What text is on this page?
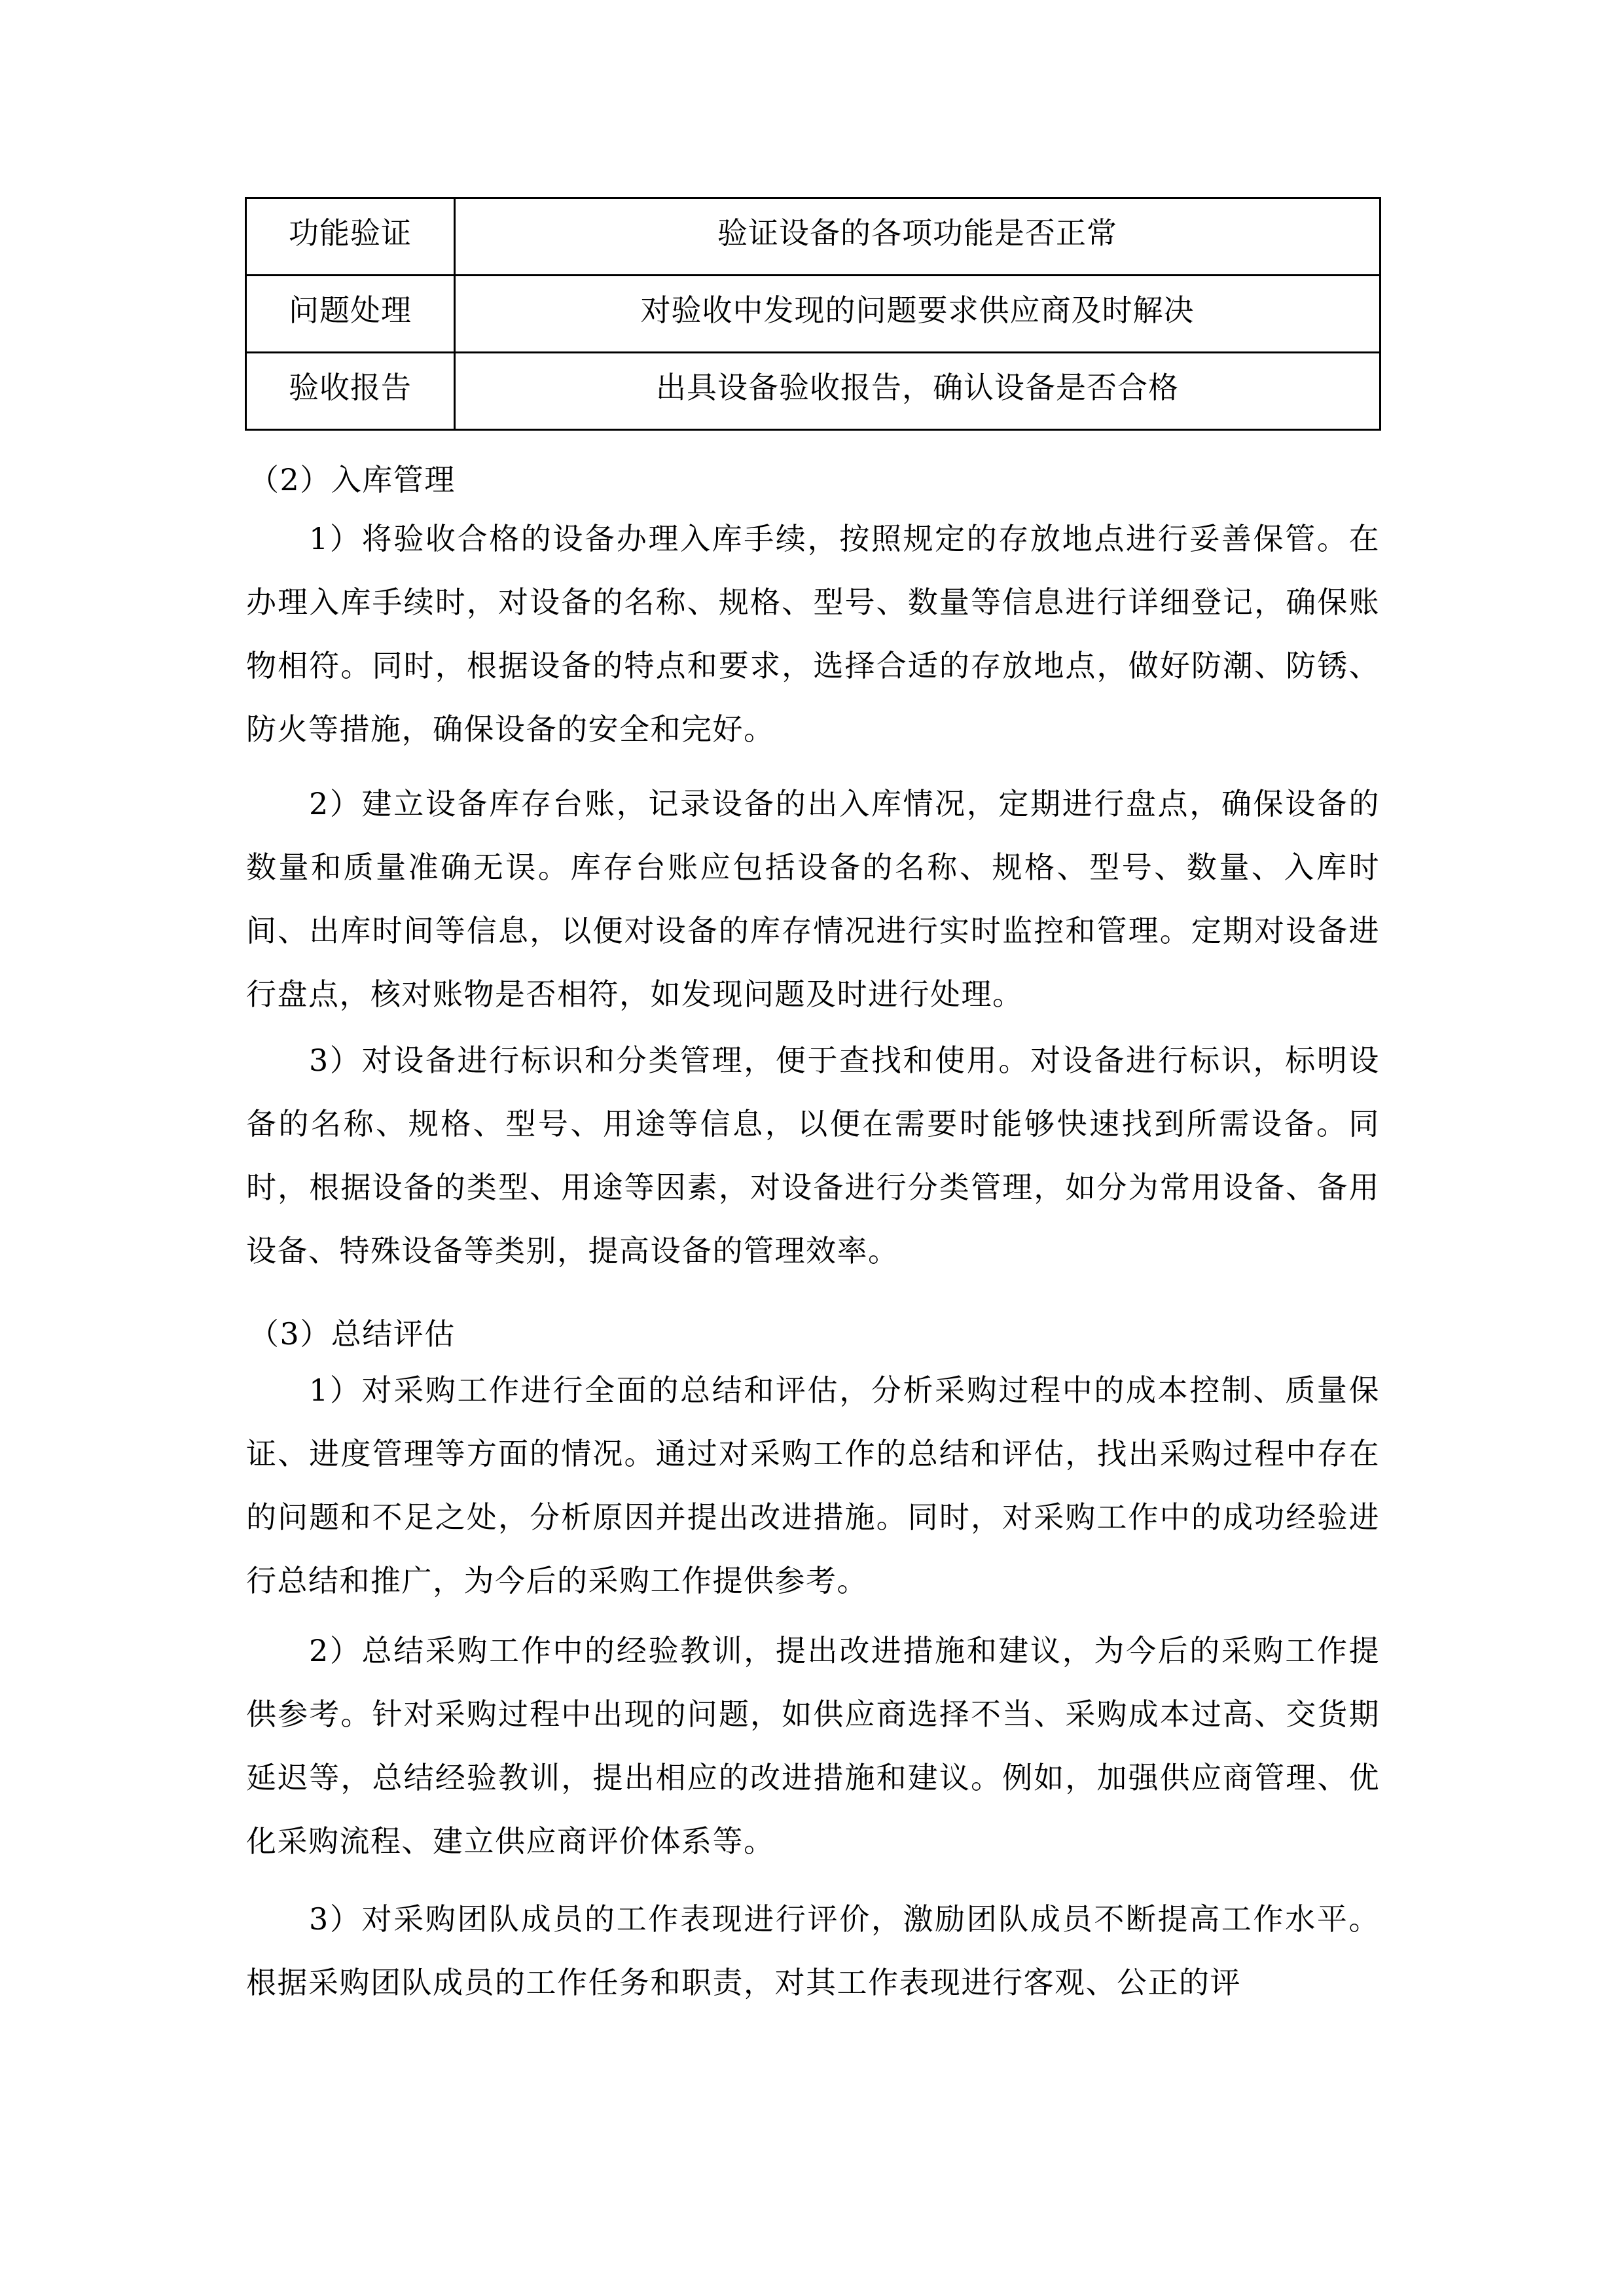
功能验证	验证设备的各项功能是否正常
问题处理	对验收中发现的问题要求供应商及时解决
验收报告	出具设备验收报告，确认设备是否合格
（2）入库管理

1）将验收合格的设备办理入库手续，按照规定的存放地点进行妥善保管。在办理入库手续时，对设备的名称、规格、型号、数量等信息进行详细登记，确保账物相符。同时，根据设备的特点和要求，选择合适的存放地点，做好防潮、防锈、防火等措施，确保设备的安全和完好。

2）建立设备库存台账，记录设备的出入库情况，定期进行盘点，确保设备的数量和质量准确无误。库存台账应包括设备的名称、规格、型号、数量、入库时间、出库时间等信息，以便对设备的库存情况进行实时监控和管理。定期对设备进行盘点，核对账物是否相符，如发现问题及时进行处理。

3）对设备进行标识和分类管理，便于查找和使用。对设备进行标识，标明设备的名称、规格、型号、用途等信息，以便在需要时能够快速找到所需设备。同时，根据设备的类型、用途等因素，对设备进行分类管理，如分为常用设备、备用设备、特殊设备等类别，提高设备的管理效率。

（3）总结评估

1）对采购工作进行全面的总结和评估，分析采购过程中的成本控制、质量保证、进度管理等方面的情况。通过对采购工作的总结和评估，找出采购过程中存在的问题和不足之处，分析原因并提出改进措施。同时，对采购工作中的成功经验进行总结和推广，为今后的采购工作提供参考。

2）总结采购工作中的经验教训，提出改进措施和建议，为今后的采购工作提供参考。针对采购过程中出现的问题，如供应商选择不当、采购成本过高、交货期延迟等，总结经验教训，提出相应的改进措施和建议。例如，加强供应商管理、优化采购流程、建立供应商评价体系等。

3）对采购团队成员的工作表现进行评价，激励团队成员不断提高工作水平。根据采购团队成员的工作任务和职责，对其工作表现进行客观、公正的评
